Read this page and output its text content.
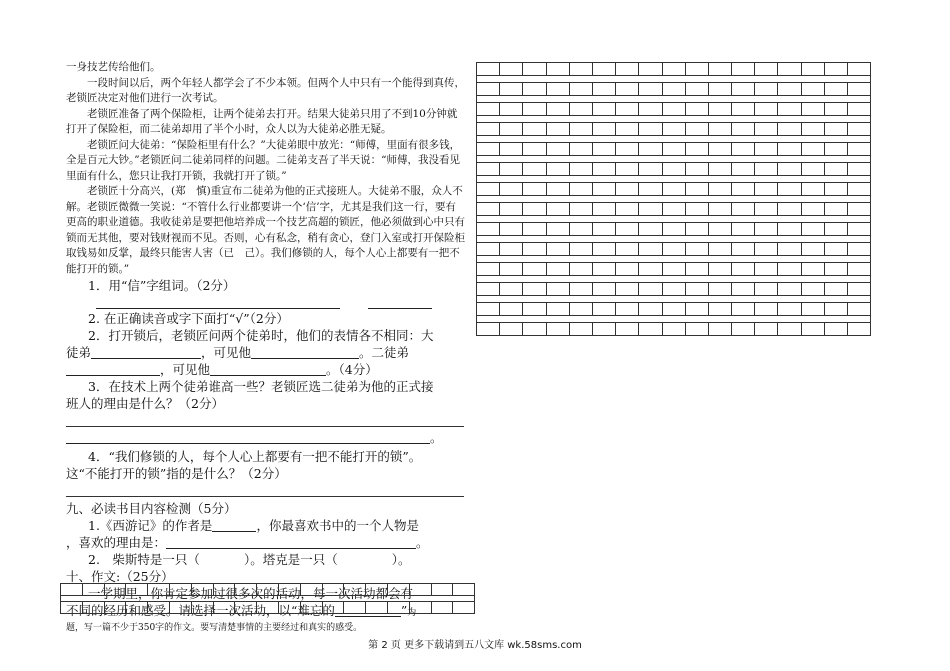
一身技艺传给他们。

一段时间以后，两个年轻人都学会了不少本领。但两个人中只有一个能得到真传，老锁匠决定对他们进行一次考试。

老锁匠准备了两个保险柜，让两个徒弟去打开。结果大徒弟只用了不到10分钟就打开了保险柜，而二徒弟却用了半个小时，众人以为大徒弟必胜无疑。

老锁匠问大徒弟：“保险柜里有什么？”大徒弟眼中放光：“师傅，里面有很多钱，全是百元大钞。”老锁匠问二徒弟同样的问题。二徒弟支吾了半天说：“师傅，我没看见里面有什么，您只让我打开锁，我就打开了锁。”

老锁匠十分高兴，(郑　慎)重宣布二徒弟为他的正式接班人。大徒弟不服，众人不解。老锁匠微微一笑说：“不管什么行业都要讲一个‘信’字，尤其是我们这一行，要有更高的职业道德。我收徒弟是要把他培养成一个技艺高超的锁匠，他必须做到心中只有锁而无其他，要对钱财视而不见。否则，心有私念，稍有贪心，登门入室或打开保险柜取钱易如反掌，最终只能害人害（已　己）。我们修锁的人，每个人心上都要有一把不能打开的锁。”

1．用“信”字组词。（2分）

2. 在正确读音或字下面打“√”（2分）

2．打开锁后，老锁匠问两个徒弟时，他们的表情各不相同：大

徒弟	，可见他	。二徒弟

，可见他	。（4分）

3．在技术上两个徒弟谁高一些？老锁匠选二徒弟为他的正式接

班人的理由是什么？（2分）

。

4．“我们修锁的人，每个人心上都要有一把不能打开的锁”。

这“不能打开的锁”指的是什么？（2分）

九、必读书目内容检测（5分）

1.《西游记》的作者是	，你最喜欢书中的一个人物是

，喜欢的理由是：	。

2.　柴斯特是一只（	）。塔克是一只（	）。

十、作文:（25分）

一学期里，你肯定参加过很多次的活动，每一次活动都会有

不同的经历和感受。请选择一次活动，以“难忘的	”为

题，写一篇不少于350字的作文。要写清楚事情的主要经过和真实的感受。

第 2 页 更多下载请到五八文库 wk.58sms.com
